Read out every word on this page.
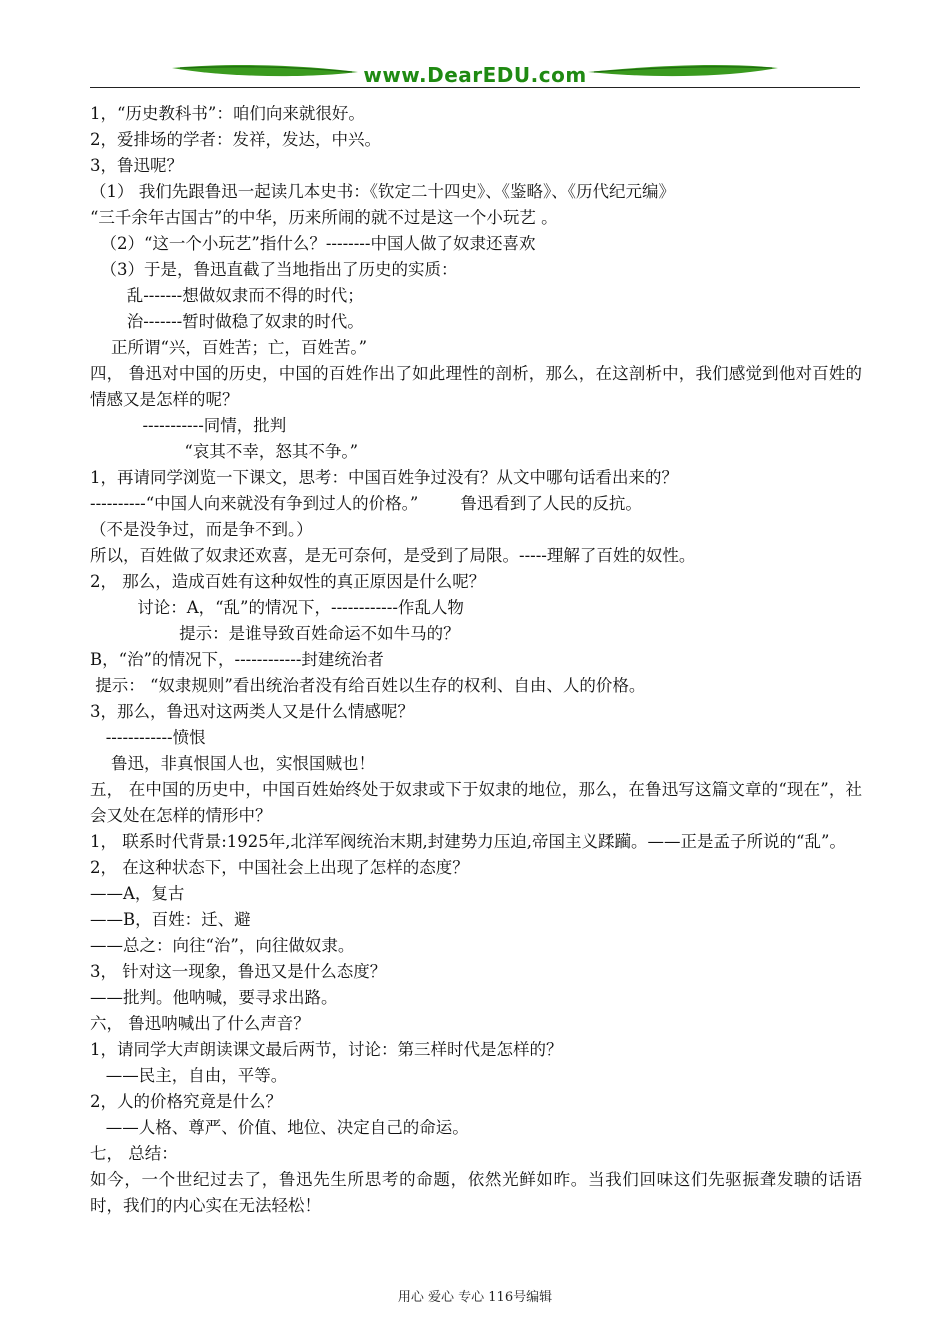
www.DearEDU.com
1，“历史教科书”：咱们向来就很好。
2，爱排场的学者：发祥，发达，中兴。
3，鲁迅呢？
（1） 我们先跟鲁迅一起读几本史书：《钦定二十四史》、《鉴略》、《历代纪元编》
“三千余年古国古”的中华，历来所闹的就不过是这一个小玩艺 。
（2）“这一个小玩艺”指什么？--------中国人做了奴隶还喜欢
（3）于是，鲁迅直截了当地指出了历史的实质：
乱-------想做奴隶而不得的时代；
治-------暂时做稳了奴隶的时代。
正所谓“兴，百姓苦；亡，百姓苦。”
四， 鲁迅对中国的历史，中国的百姓作出了如此理性的剖析，那么，在这剖析中，我们感觉到他对百姓的情感又是怎样的呢？
-----------同情，批判
“哀其不幸，怒其不争。”
1，再请同学浏览一下课文，思考：中国百姓争过没有？从文中哪句话看出来的？
----------“中国人向来就没有争到过人的价格。”        鲁迅看到了人民的反抗。
（不是没争过，而是争不到。）
所以，百姓做了奴隶还欢喜，是无可奈何，是受到了局限。-----理解了百姓的奴性。
2， 那么，造成百姓有这种奴性的真正原因是什么呢？
讨论：A，“乱”的情况下，------------作乱人物
提示：是谁导致百姓命运不如牛马的？
B，“治”的情况下，------------封建统治者
提示： “奴隶规则”看出统治者没有给百姓以生存的权利、自由、人的价格。
3，那么，鲁迅对这两类人又是什么情感呢？
------------愤恨
鲁迅，非真恨国人也，实恨国贼也！
五， 在中国的历史中，中国百姓始终处于奴隶或下于奴隶的地位，那么，在鲁迅写这篇文章的“现在”，社会又处在怎样的情形中？
1， 联系时代背景:1925年,北洋军阀统治末期,封建势力压迫,帝国主义蹂躏。——正是孟子所说的“乱”。
2， 在这种状态下，中国社会上出现了怎样的态度？
——A，复古
——B，百姓：迁、避
——总之：向往“治”，向往做奴隶。
3， 针对这一现象，鲁迅又是什么态度？
——批判。他呐喊，要寻求出路。
六， 鲁迅呐喊出了什么声音？
1，请同学大声朗读课文最后两节，讨论：第三样时代是怎样的？
——民主，自由，平等。
2，人的价格究竟是什么？
——人格、尊严、价值、地位、决定自己的命运。
七， 总结：
如今，一个世纪过去了，鲁迅先生所思考的命题，依然光鲜如昨。当我们回味这们先驱振聋发聩的话语时，我们的内心实在无法轻松！
用心 爱心 专心 116号编辑
